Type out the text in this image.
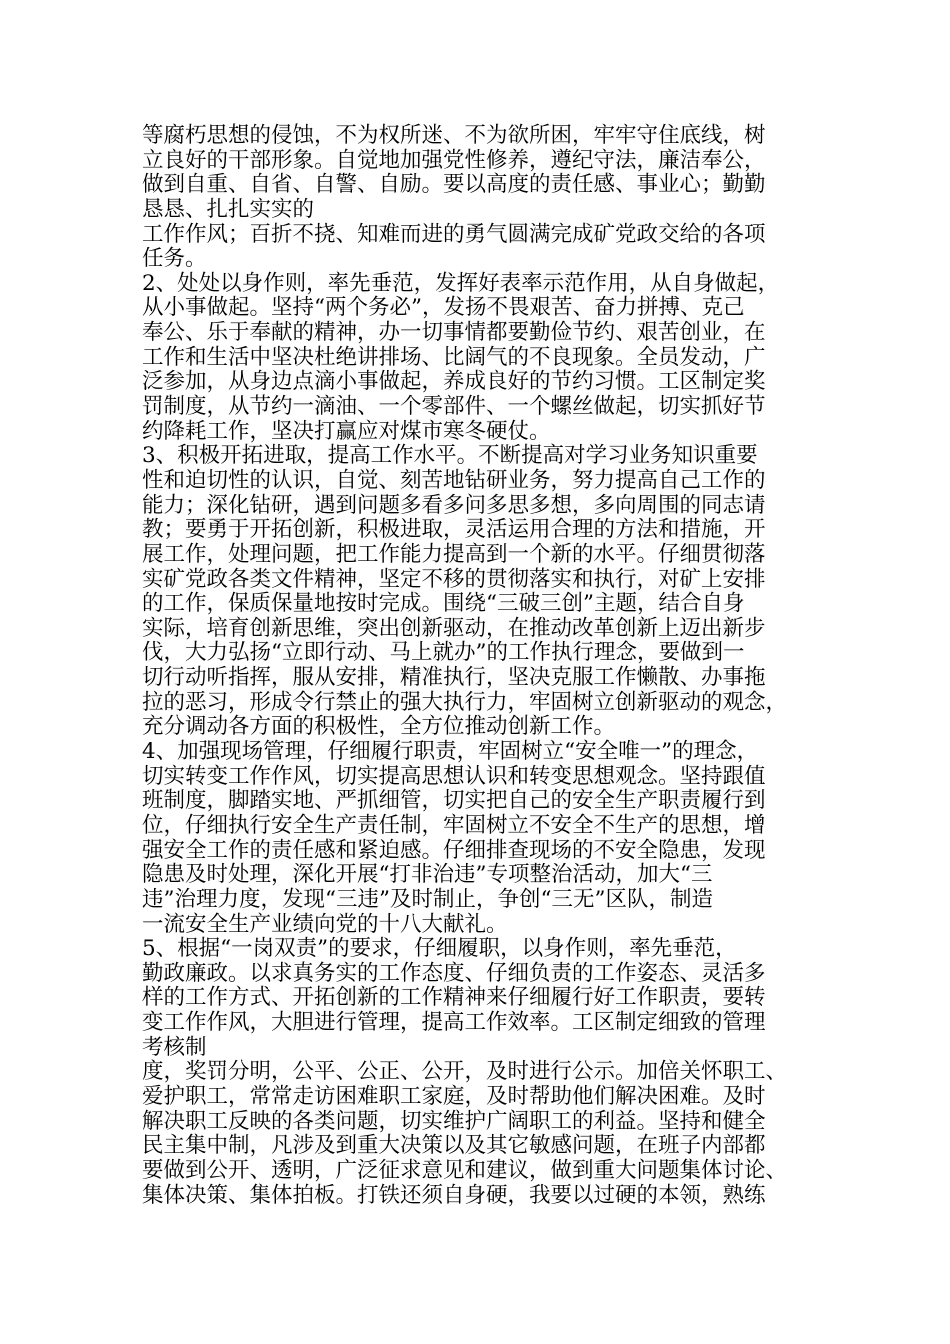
等腐朽思想的侵蚀，不为权所迷、不为欲所困，牢牢守住底线，树
立良好的干部形象。自觉地加强党性修养，遵纪守法，廉洁奉公，
做到自重、自省、自警、自励。要以高度的责任感、事业心；勤勤
恳恳、扎扎实实的
工作作风；百折不挠、知难而进的勇气圆满完成矿党政交给的各项
任务。
2、处处以身作则，率先垂范，发挥好表率示范作用，从自身做起，
从小事做起。坚持“两个务必”，发扬不畏艰苦、奋力拼搏、克己
奉公、乐于奉献的精神，办一切事情都要勤俭节约、艰苦创业，在
工作和生活中坚决杜绝讲排场、比阔气的不良现象。全员发动，广
泛参加，从身边点滴小事做起，养成良好的节约习惯。工区制定奖
罚制度，从节约一滴油、一个零部件、一个螺丝做起，切实抓好节
约降耗工作，坚决打赢应对煤市寒冬硬仗。
3、积极开拓进取，提高工作水平。不断提高对学习业务知识重要
性和迫切性的认识，自觉、刻苦地钻研业务，努力提高自己工作的
能力；深化钻研，遇到问题多看多问多思多想，多向周围的同志请
教；要勇于开拓创新，积极进取，灵活运用合理的方法和措施，开
展工作，处理问题，把工作能力提高到一个新的水平。仔细贯彻落
实矿党政各类文件精神，坚定不移的贯彻落实和执行，对矿上安排
的工作，保质保量地按时完成。围绕“三破三创”主题，结合自身
实际，培育创新思维，突出创新驱动，在推动改革创新上迈出新步
伐，大力弘扬“立即行动、马上就办”的工作执行理念，要做到一
切行动听指挥，服从安排，精准执行，坚决克服工作懒散、办事拖
拉的恶习，形成令行禁止的强大执行力，牢固树立创新驱动的观念，
充分调动各方面的积极性，全方位推动创新工作。
4、加强现场管理，仔细履行职责，牢固树立“安全唯一”的理念，
切实转变工作作风，切实提高思想认识和转变思想观念。坚持跟值
班制度，脚踏实地、严抓细管，切实把自己的安全生产职责履行到
位，仔细执行安全生产责任制，牢固树立不安全不生产的思想，增
强安全工作的责任感和紧迫感。仔细排查现场的不安全隐患，发现
隐患及时处理，深化开展“打非治违”专项整治活动，加大“三
违”治理力度，发现“三违”及时制止，争创“三无”区队，制造
一流安全生产业绩向党的十八大献礼。
5、根据“一岗双责”的要求，仔细履职，以身作则，率先垂范，
勤政廉政。以求真务实的工作态度、仔细负责的工作姿态、灵活多
样的工作方式、开拓创新的工作精神来仔细履行好工作职责，要转
变工作作风，大胆进行管理，提高工作效率。工区制定细致的管理
考核制
度，奖罚分明，公平、公正、公开，及时进行公示。加倍关怀职工、
爱护职工，常常走访困难职工家庭，及时帮助他们解决困难。及时
解决职工反映的各类问题，切实维护广阔职工的利益。坚持和健全
民主集中制，凡涉及到重大决策以及其它敏感问题，在班子内部都
要做到公开、透明，广泛征求意见和建议，做到重大问题集体讨论、
集体决策、集体拍板。打铁还须自身硬，我要以过硬的本领，熟练
